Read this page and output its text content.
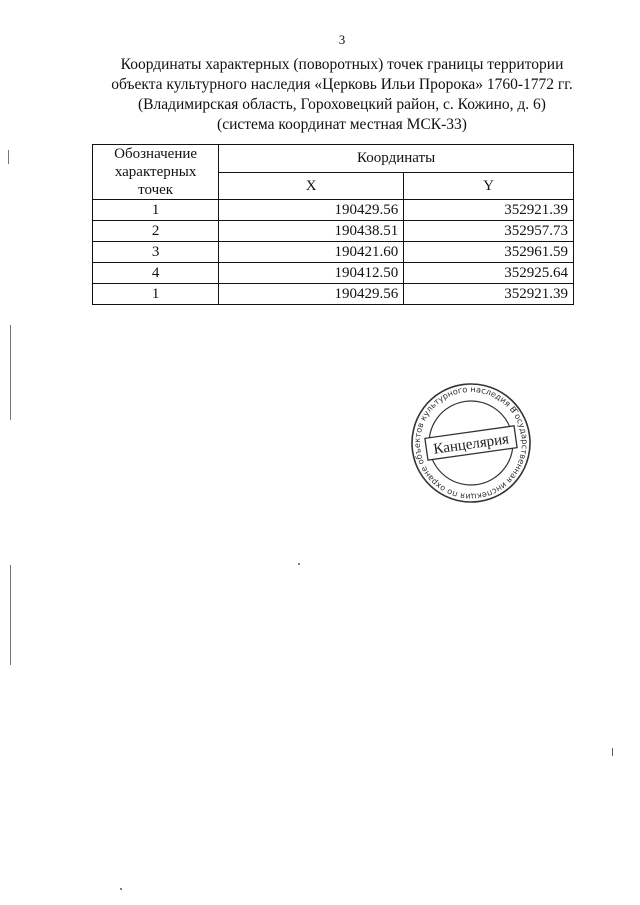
3
Координаты характерных (поворотных) точек границы территории
объекта культурного наследия «Церковь Ильи Пророка» 1760-1772 гг.
(Владимирская область, Гороховецкий район, с. Кожино, д. 6)
(система координат местная МСК-33)
Обозначение характерных точек	Координаты	
	X	Y
1	190429.56	352921.39
2	190438.51	352957.73
3	190421.60	352961.59
4	190412.50	352925.64
1	190429.56	352921.39
Государственная инспекция по охране объектов культурного наследия Владимирской
Канцелярия
